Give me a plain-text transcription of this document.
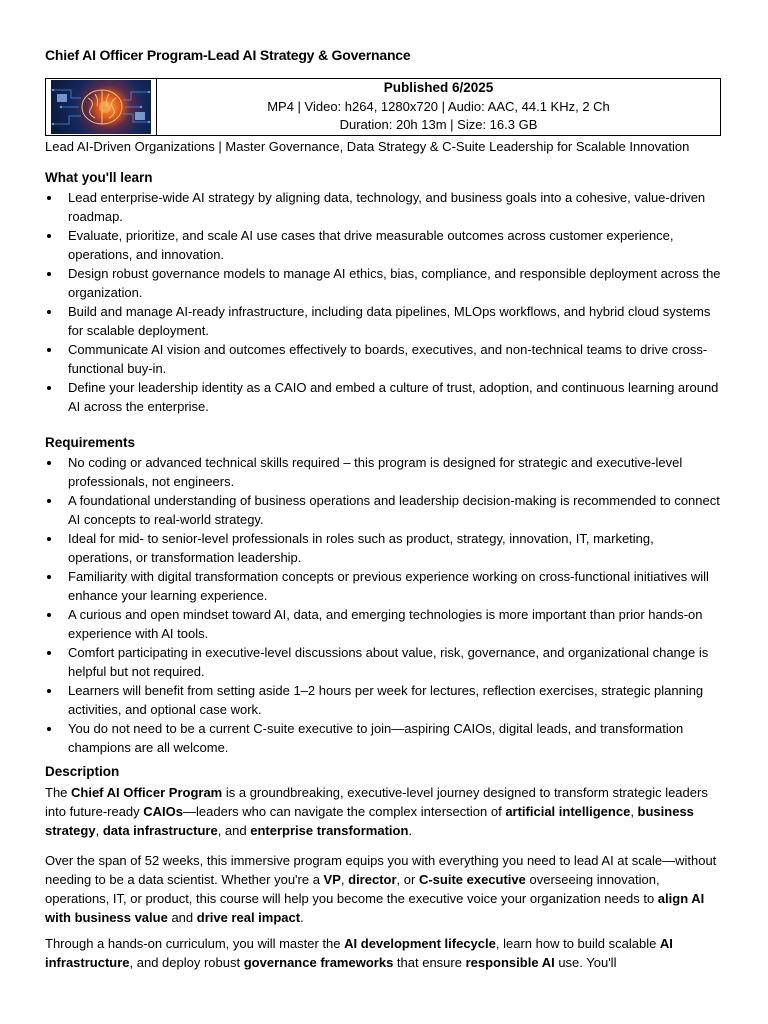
Chief AI Officer Program-Lead AI Strategy & Governance
Published 6/2025
MP4 | Video: h264, 1280x720 | Audio: AAC, 44.1 KHz, 2 Ch
Duration: 20h 13m | Size: 16.3 GB
Lead AI-Driven Organizations | Master Governance, Data Strategy & C-Suite Leadership for Scalable Innovation
What you'll learn
Lead enterprise-wide AI strategy by aligning data, technology, and business goals into a cohesive, value-driven roadmap.
Evaluate, prioritize, and scale AI use cases that drive measurable outcomes across customer experience, operations, and innovation.
Design robust governance models to manage AI ethics, bias, compliance, and responsible deployment across the organization.
Build and manage AI-ready infrastructure, including data pipelines, MLOps workflows, and hybrid cloud systems for scalable deployment.
Communicate AI vision and outcomes effectively to boards, executives, and non-technical teams to drive cross-functional buy-in.
Define your leadership identity as a CAIO and embed a culture of trust, adoption, and continuous learning around AI across the enterprise.
Requirements
No coding or advanced technical skills required – this program is designed for strategic and executive-level professionals, not engineers.
A foundational understanding of business operations and leadership decision-making is recommended to connect AI concepts to real-world strategy.
Ideal for mid- to senior-level professionals in roles such as product, strategy, innovation, IT, marketing, operations, or transformation leadership.
Familiarity with digital transformation concepts or previous experience working on cross-functional initiatives will enhance your learning experience.
A curious and open mindset toward AI, data, and emerging technologies is more important than prior hands-on experience with AI tools.
Comfort participating in executive-level discussions about value, risk, governance, and organizational change is helpful but not required.
Learners will benefit from setting aside 1–2 hours per week for lectures, reflection exercises, strategic planning activities, and optional case work.
You do not need to be a current C-suite executive to join—aspiring CAIOs, digital leads, and transformation champions are all welcome.
Description

The Chief AI Officer Program is a groundbreaking, executive-level journey designed to transform strategic leaders into future-ready CAIOs—leaders who can navigate the complex intersection of artificial intelligence, business strategy, data infrastructure, and enterprise transformation.

Over the span of 52 weeks, this immersive program equips you with everything you need to lead AI at scale—without needing to be a data scientist. Whether you're a VP, director, or C-suite executive overseeing innovation, operations, IT, or product, this course will help you become the executive voice your organization needs to align AI with business value and drive real impact.

Through a hands-on curriculum, you will master the AI development lifecycle, learn how to build scalable AI infrastructure, and deploy robust governance frameworks that ensure responsible AI use. You'll
